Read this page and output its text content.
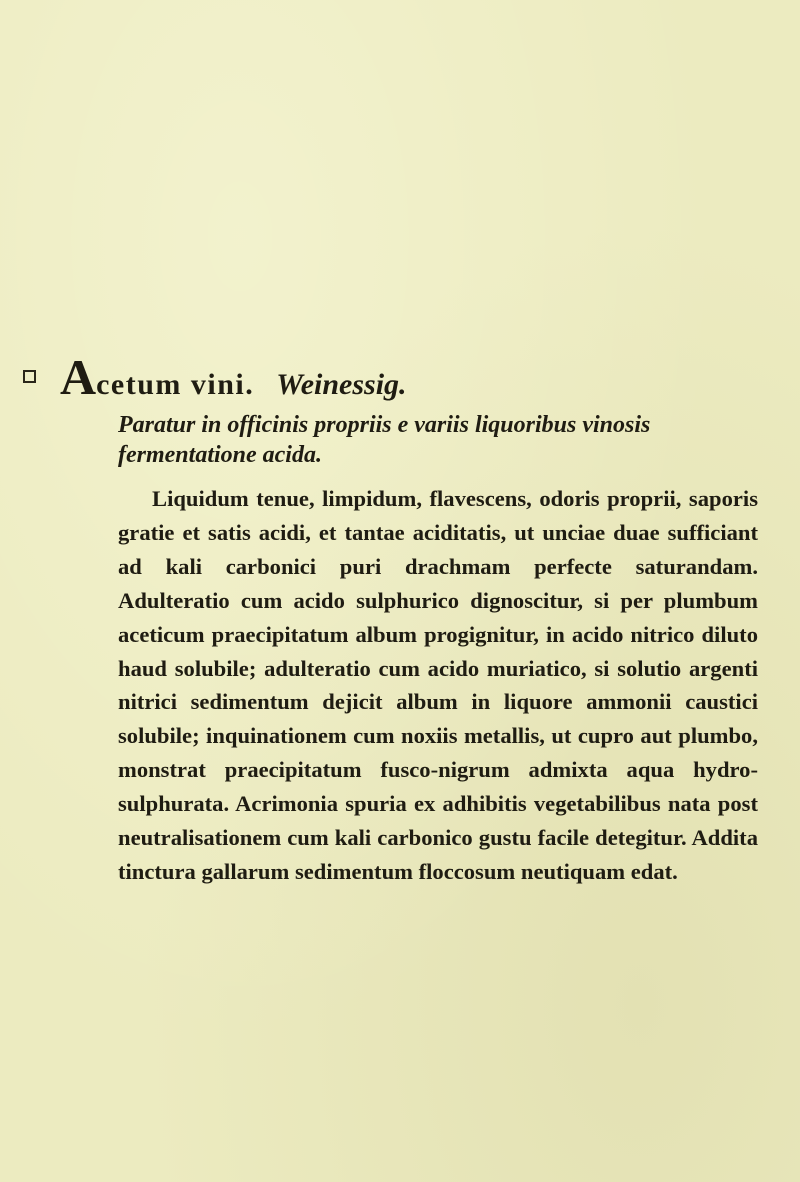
Acetum vini. Weinessig.

Paratur in officinis propriis e variis liquoribus vinosis fermentatione acida.

Liquidum tenue, limpidum, flavescens, odoris proprii, saporis gratie et satis acidi, et tantae aciditatis, ut unciae duae sufficiant ad kali carbonici puri drachmam perfecte saturandam. Adulteratio cum acido sulphurico dignoscitur, si per plumbum aceticum praecipitatum album progignitur, in acido nitrico diluto haud solubile; adulteratio cum acido muriatico, si solutio argenti nitrici sedimentum dejicit album in liquore ammonii caustici solubile; inquinationem cum noxiis metallis, ut cupro aut plumbo, monstrat praecipitatum fusco-nigrum admixta aqua hydro-sulphurata. Acrimonia spuria ex adhibitis vegetabilibus nata post neutralisationem cum kali carbonico gustu facile detegitur. Addita tinctura gallarum sedimentum floccosum neutiquam edat.
